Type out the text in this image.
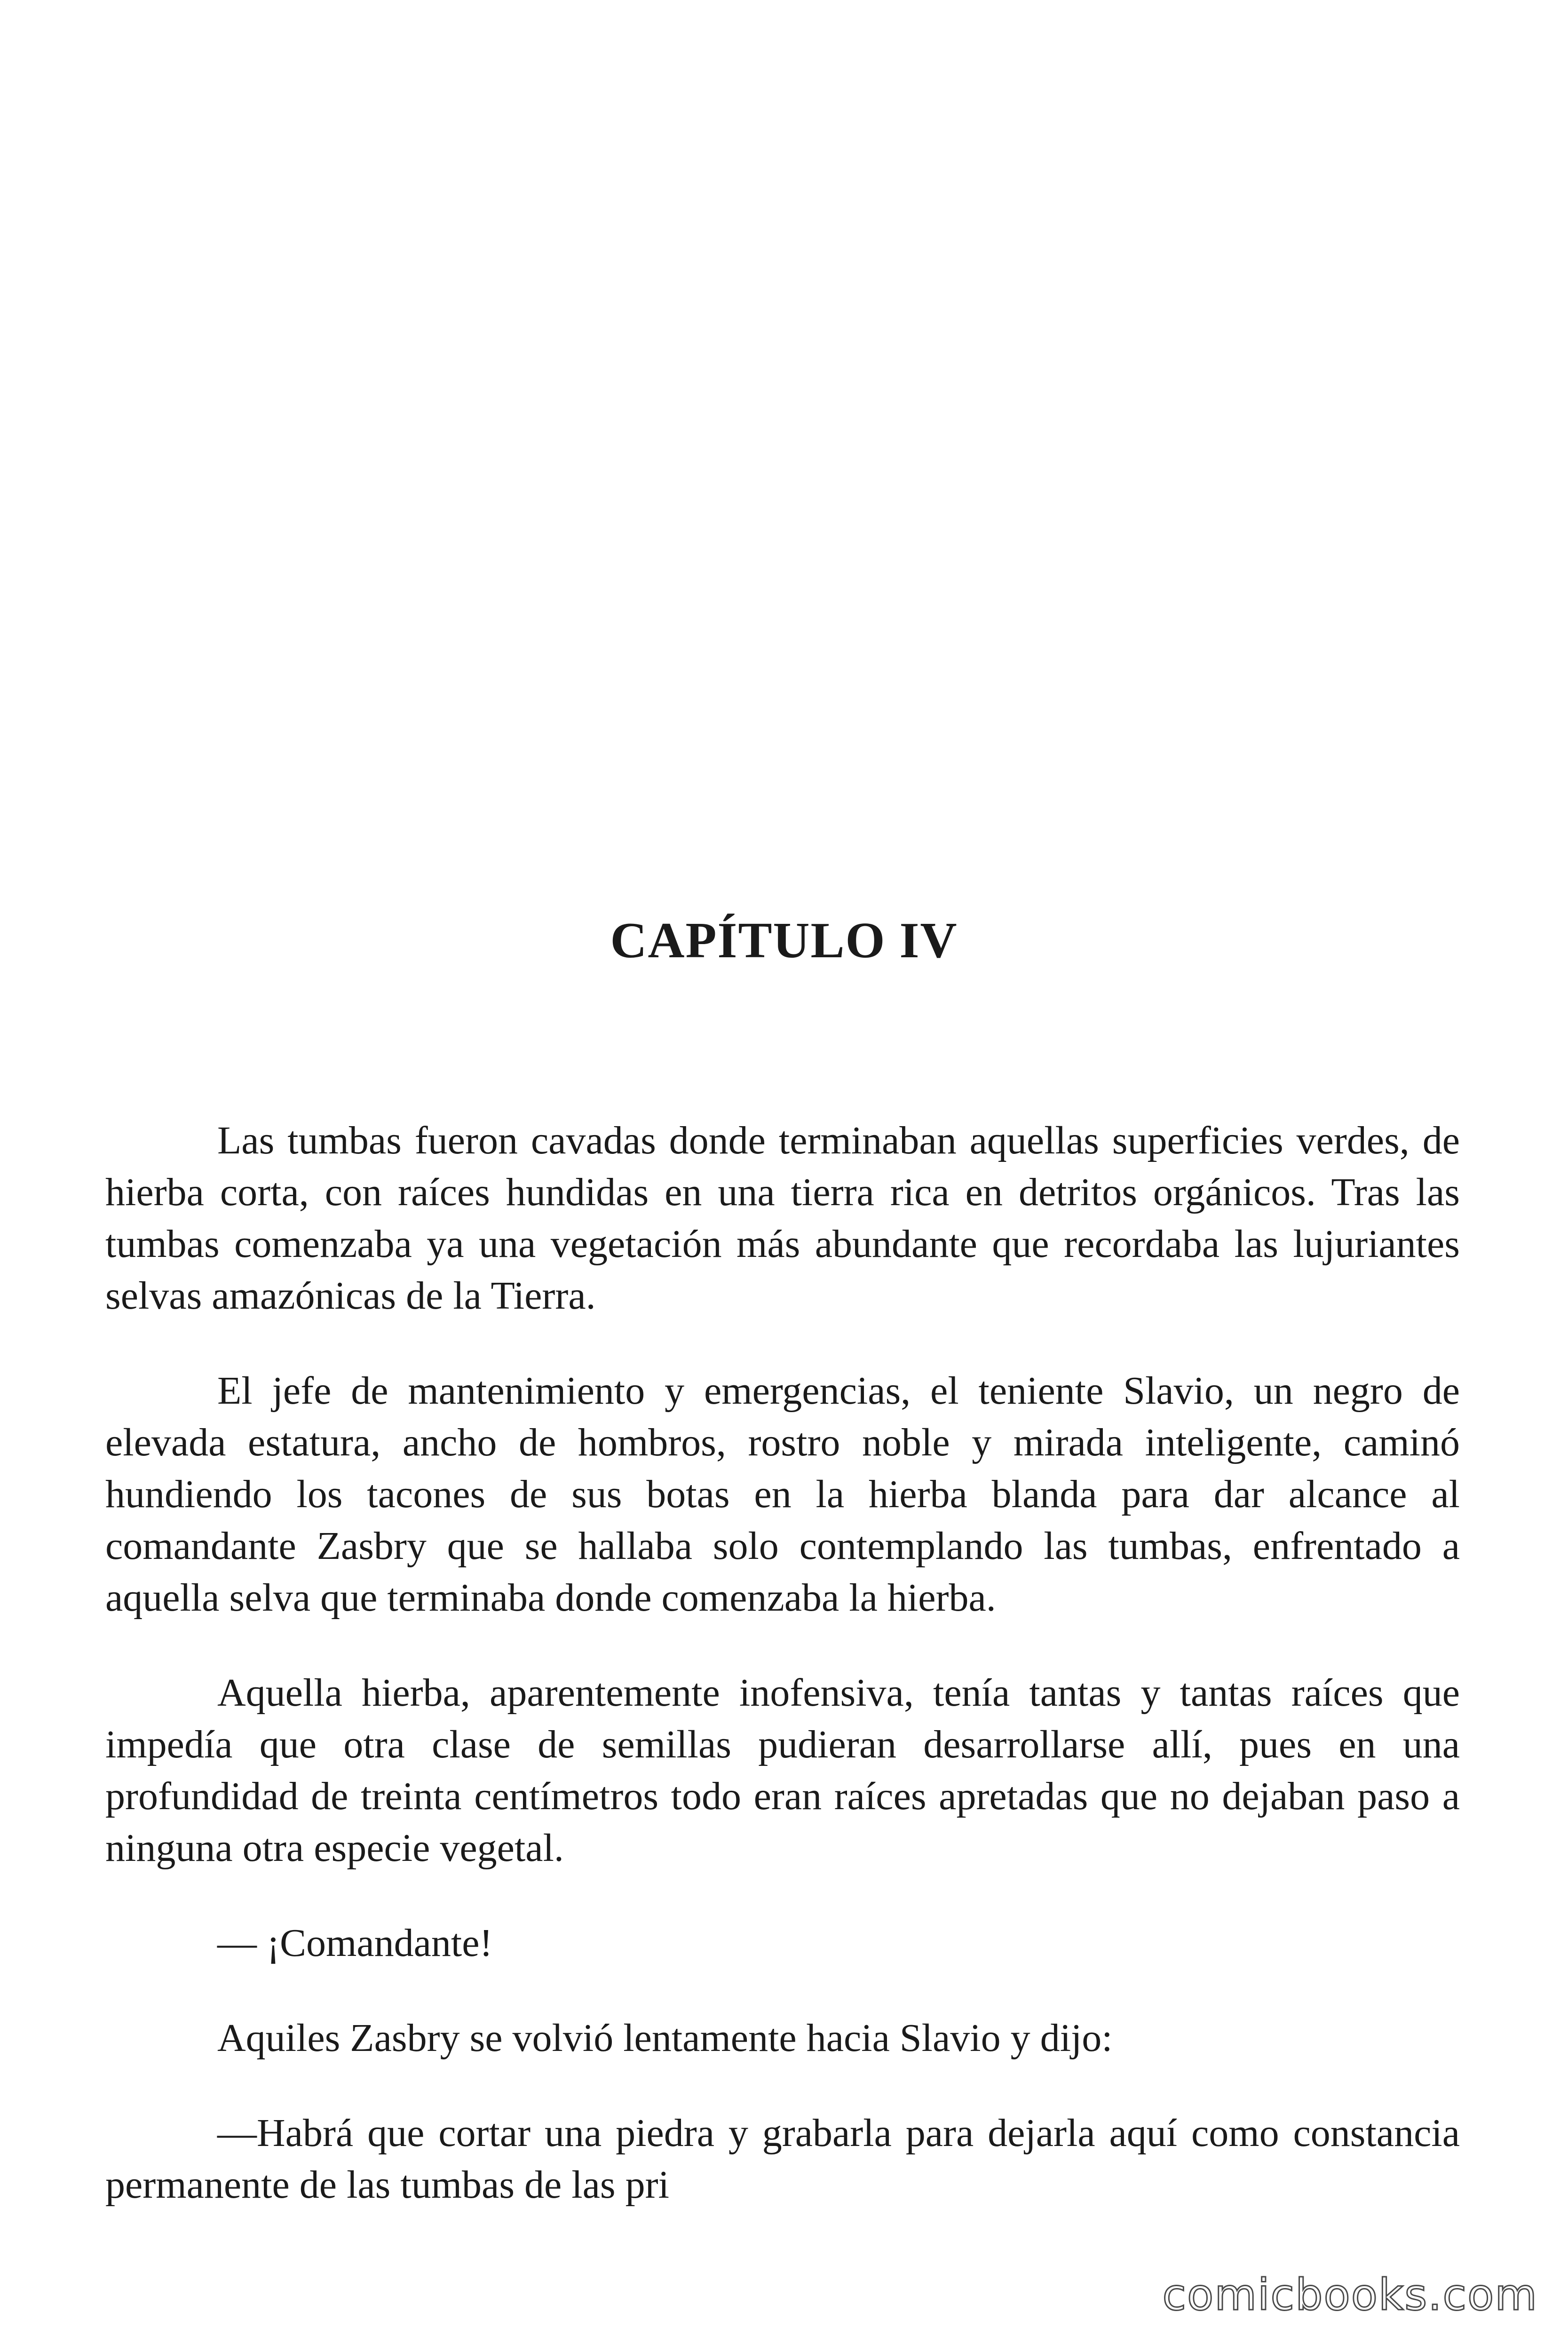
CAPÍTULO IV

Las tumbas fueron cavadas donde terminaban aquellas superficies verdes, de hierba corta, con raíces hundidas en una tierra rica en detritos orgánicos. Tras las tumbas comenzaba ya una vegetación más abundante que recordaba las lujuriantes selvas amazónicas de la Tierra.

El jefe de mantenimiento y emergencias, el teniente Slavio, un negro de elevada estatura, ancho de hombros, rostro noble y mirada inteligente, caminó hundiendo los tacones de sus botas en la hierba blanda para dar alcance al comandante Zasbry que se hallaba solo contemplando las tumbas, enfrentado a aquella selva que terminaba donde comenzaba la hierba.

Aquella hierba, aparentemente inofensiva, tenía tantas y tantas raíces que impedía que otra clase de semillas pudieran desarrollarse allí, pues en una profundidad de treinta centímetros todo eran raíces apretadas que no dejaban paso a ninguna otra especie vegetal.

— ¡Comandante!

Aquiles Zasbry se volvió lentamente hacia Slavio y dijo:

—Habrá que cortar una piedra y grabarla para dejarla aquí como constancia permanente de las tumbas de las pri

comicbooks.com
